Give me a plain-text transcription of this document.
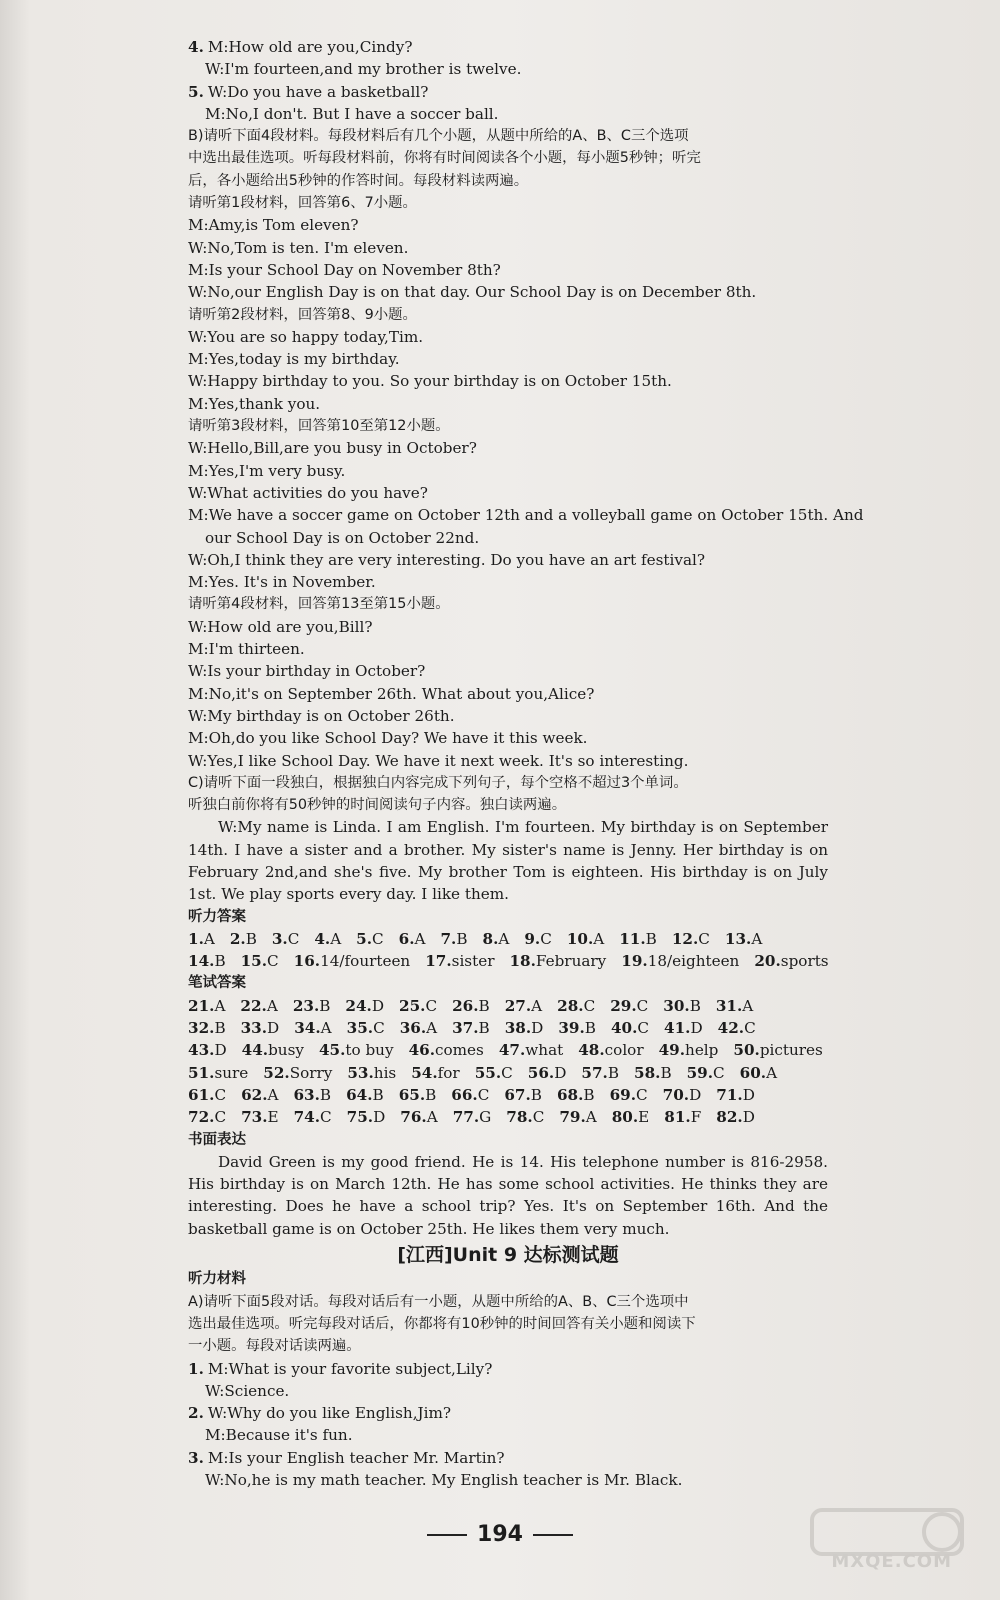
4. M:How old are you,Cindy?
W:I'm fourteen,and my brother is twelve.
5. W:Do you have a basketball?
M:No,I don't. But I have a soccer ball.
B)请听下面4段材料。每段材料后有几个小题，从题中所给的A、B、C三个选项
中选出最佳选项。听每段材料前，你将有时间阅读各个小题，每小题5秒钟；听完
后，各小题给出5秒钟的作答时间。每段材料读两遍。
请听第1段材料，回答第6、7小题。
M:Amy,is Tom eleven?
W:No,Tom is ten. I'm eleven.
M:Is your School Day on November 8th?
W:No,our English Day is on that day. Our School Day is on December 8th.
请听第2段材料，回答第8、9小题。
W:You are so happy today,Tim.
M:Yes,today is my birthday.
W:Happy birthday to you. So your birthday is on October 15th.
M:Yes,thank you.
请听第3段材料，回答第10至第12小题。
W:Hello,Bill,are you busy in October?
M:Yes,I'm very busy.
W:What activities do you have?
M:We have a soccer game on October 12th and a volleyball game on October 15th. And
our School Day is on October 22nd.
W:Oh,I think they are very interesting. Do you have an art festival?
M:Yes. It's in November.
请听第4段材料，回答第13至第15小题。
W:How old are you,Bill?
M:I'm thirteen.
W:Is your birthday in October?
M:No,it's on September 26th. What about you,Alice?
W:My birthday is on October 26th.
M:Oh,do you like School Day? We have it this week.
W:Yes,I like School Day. We have it next week. It's so interesting.
C)请听下面一段独白，根据独白内容完成下列句子，每个空格不超过3个单词。
听独白前你将有50秒钟的时间阅读句子内容。独白读两遍。
W:My name is Linda. I am English. I'm fourteen. My birthday is on September 14th. I have a sister and a brother. My sister's name is Jenny. Her birthday is on February 2nd,and she's five. My brother Tom is eighteen. His birthday is on July 1st. We play sports every day. I like them.
听力答案
1.A 2.B 3.C 4.A 5.C 6.A 7.B 8.A 9.C 10.A 11.B 12.C 13.A
14.B 15.C 16.14/fourteen 17.sister 18.February 19.18/eighteen 20.sports
笔试答案
21.A 22.A 23.B 24.D 25.C 26.B 27.A 28.C 29.C 30.B 31.A
32.B 33.D 34.A 35.C 36.A 37.B 38.D 39.B 40.C 41.D 42.C
43.D 44.busy 45.to buy 46.comes 47.what 48.color 49.help 50.pictures
51.sure 52.Sorry 53.his 54.for 55.C 56.D 57.B 58.B 59.C 60.A
61.C 62.A 63.B 64.B 65.B 66.C 67.B 68.B 69.C 70.D 71.D
72.C 73.E 74.C 75.D 76.A 77.G 78.C 79.A 80.E 81.F 82.D
书面表达
David Green is my good friend. He is 14. His telephone number is 816-2958. His birthday is on March 12th. He has some school activities. He thinks they are interesting. Does he have a school trip? Yes. It's on September 16th. And the basketball game is on October 25th. He likes them very much.
[江西]Unit 9 达标测试题
听力材料
A)请听下面5段对话。每段对话后有一小题，从题中所给的A、B、C三个选项中
选出最佳选项。听完每段对话后，你都将有10秒钟的时间回答有关小题和阅读下
一小题。每段对话读两遍。
1. M:What is your favorite subject,Lily?
W:Science.
2. W:Why do you like English,Jim?
M:Because it's fun.
3. M:Is your English teacher Mr. Martin?
W:No,he is my math teacher. My English teacher is Mr. Black.
194
MXQE.COM
